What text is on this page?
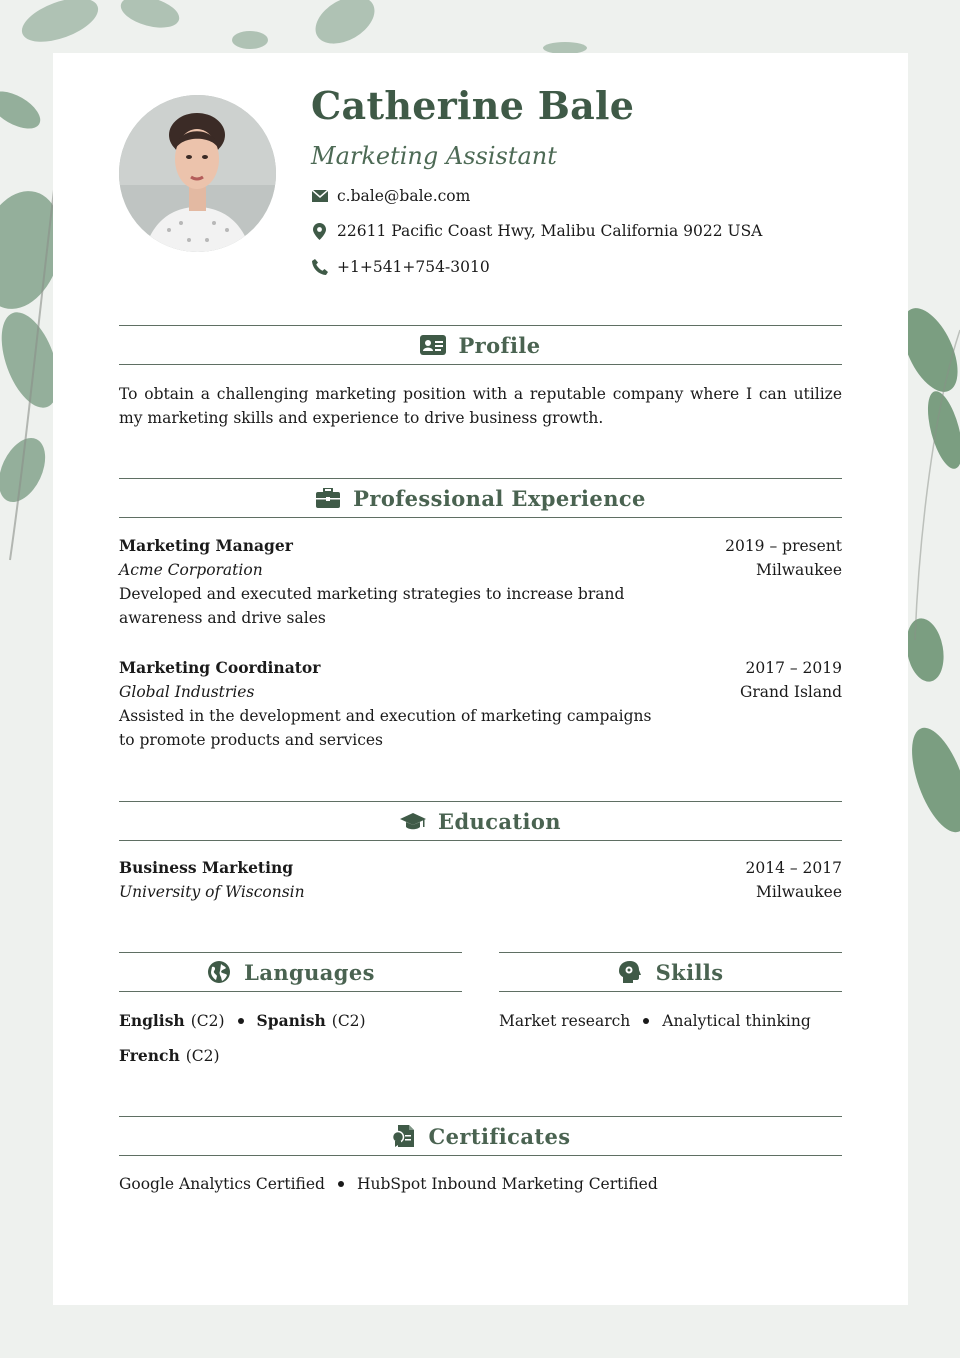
Catherine Bale
Marketing Assistant
c.bale@bale.com
22611 Pacific Coast Hwy, Malibu California 9022 USA
+1+541+754-3010
Profile
To obtain a challenging marketing position with a reputable company where I can utilize my marketing skills and experience to drive business growth.
Professional Experience
Marketing Manager	2019 – present
Acme Corporation	Milwaukee
Developed and executed marketing strategies to increase brand awareness and drive sales
Marketing Coordinator	2017 – 2019
Global Industries	Grand Island
Assisted in the development and execution of marketing campaigns to promote products and services
Education
Business Marketing	2014 – 2017
University of Wisconsin	Milwaukee
Languages
English (C2) Spanish (C2)
French (C2)
Skills
Market research Analytical thinking
Certificates
Google Analytics Certified HubSpot Inbound Marketing Certified
